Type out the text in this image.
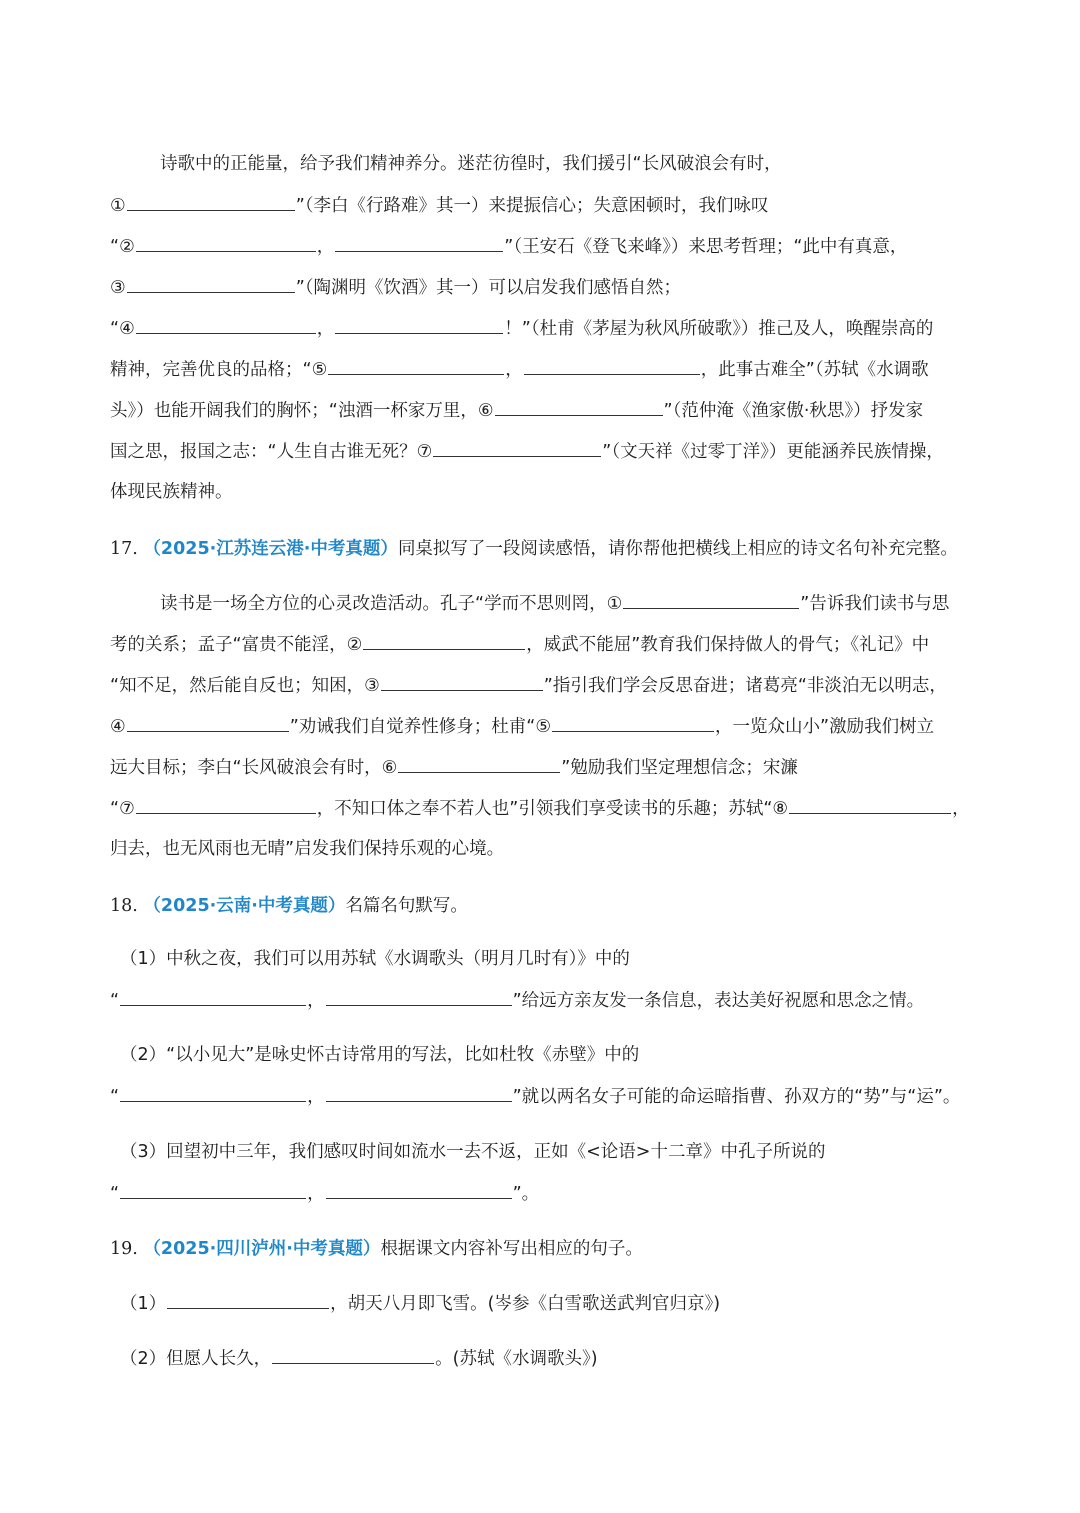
诗歌中的正能量，给予我们精神养分。迷茫彷徨时，我们援引“长风破浪会有时，
①	”（李白《行路难》其一）来提振信心；失意困顿时，我们咏叹
“②	，	”（王安石《登飞来峰》）来思考哲理；“此中有真意，
③	”（陶渊明《饮酒》其一）可以启发我们感悟自然；
“④	，	！”（杜甫《茅屋为秋风所破歌》）推己及人，唤醒崇高的
精神，完善优良的品格；“⑤	，	，此事古难全”（苏轼《水调歌
头》）也能开阔我们的胸怀；“浊酒一杯家万里，⑥	”（范仲淹《渔家傲·秋思》）抒发家
国之思，报国之志：“人生自古谁无死？⑦	”（文天祥《过零丁洋》）更能涵养民族情操，
体现民族精神。
17. （2025·江苏连云港·中考真题）同桌拟写了一段阅读感悟，请你帮他把横线上相应的诗文名句补充完整。
读书是一场全方位的心灵改造活动。孔子“学而不思则罔，①	”告诉我们读书与思
考的关系；孟子“富贵不能淫，②	，威武不能屈”教育我们保持做人的骨气；《礼记》中
“知不足，然后能自反也；知困，③	”指引我们学会反思奋进；诸葛亮“非淡泊无以明志，
④	”劝诫我们自觉养性修身；杜甫“⑤	，一览众山小”激励我们树立
远大目标；李白“长风破浪会有时，⑥	”勉励我们坚定理想信念；宋濂
“⑦	，不知口体之奉不若人也”引领我们享受读书的乐趣；苏轼“⑧	，
归去，也无风雨也无晴”启发我们保持乐观的心境。
18. （2025·云南·中考真题）名篇名句默写。
（1）中秋之夜，我们可以用苏轼《水调歌头（明月几时有）》中的
“	，	”给远方亲友发一条信息，表达美好祝愿和思念之情。
（2）“以小见大”是咏史怀古诗常用的写法，比如杜牧《赤壁》中的
“	，	”就以两名女子可能的命运暗指曹、孙双方的“势”与“运”。
（3）回望初中三年，我们感叹时间如流水一去不返，正如《<论语>十二章》中孔子所说的
“	，	”。
19. （2025·四川泸州·中考真题）根据课文内容补写出相应的句子。
（1）	，胡天八月即飞雪。(岑参《白雪歌送武判官归京》)
（2）但愿人长久，	。(苏轼《水调歌头》)
